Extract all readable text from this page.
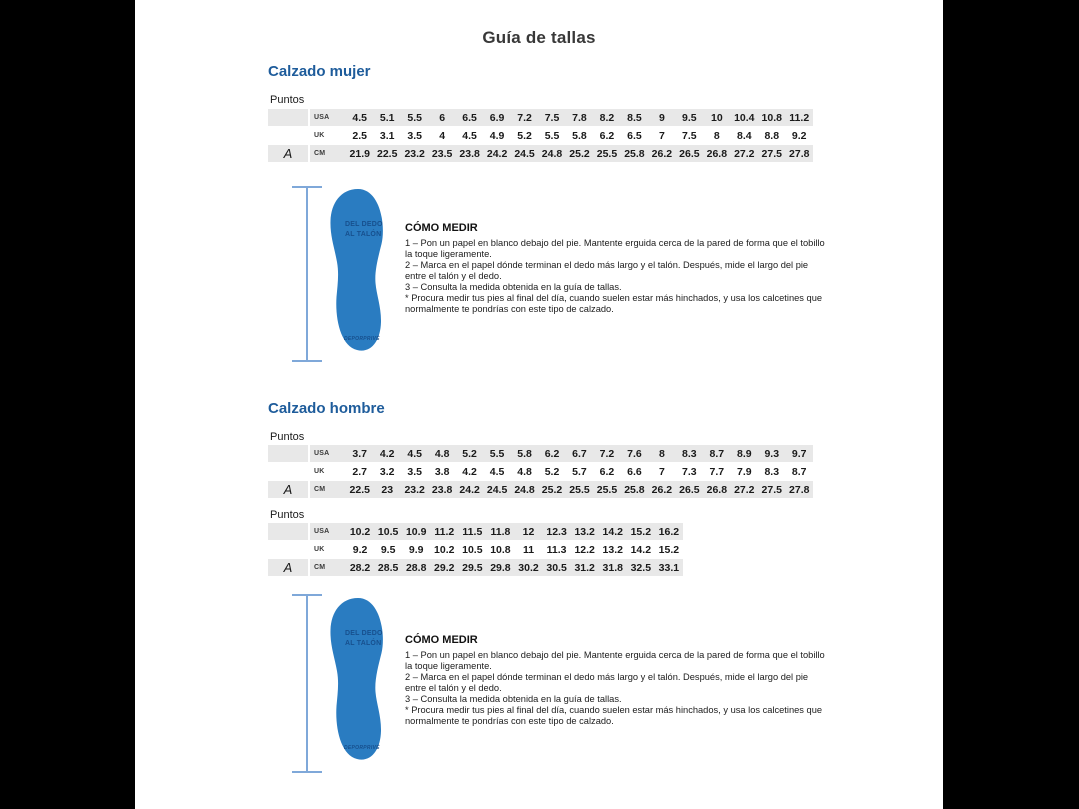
Guía de tallas
Calzado mujer
Puntos
USA	4.5	5.1	5.5	6	6.5	6.9	7.2	7.5	7.8	8.2	8.5	9	9.5	10	10.4 10.8 11.2
UK	2.5	3.1	3.5	4	4.5	4.9	5.2	5.5	5.8	6.2	6.5	7	7.5	8	8.4	8.8	9.2
A	CM	21.9 22.5 23.2 23.5 23.8 24.2 24.5 24.8 25.2 25.5 25.8 26.2 26.5 26.8 27.2 27.5 27.8
DEL DEDO
AL TALÓN
DEPORPRIVÉ
CÓMO MEDIR
1 – Pon un papel en blanco debajo del pie. Mantente erguida cerca de la pared de forma que el tobillo la toque ligeramente.
2 – Marca en el papel dónde terminan el dedo más largo y el talón. Después, mide el largo del pie entre el talón y el dedo.
3 – Consulta la medida obtenida en la guía de tallas.
* Procura medir tus pies al final del día, cuando suelen estar más hinchados, y usa los calcetines que normalmente te pondrías con este tipo de calzado.
Calzado hombre
Puntos
USA	3.7	4.2	4.5	4.8	5.2	5.5	5.8	6.2	6.7	7.2	7.6	8	8.3	8.7	8.9	9.3	9.7
UK	2.7	3.2	3.5	3.8	4.2	4.5	4.8	5.2	5.7	6.2	6.6	7	7.3	7.7	7.9	8.3	8.7
A	CM	22.5	23	23.2 23.8 24.2 24.5 24.8 25.2 25.5 25.5 25.8 26.2 26.5 26.8 27.2 27.5 27.8
Puntos
USA	10.2 10.5 10.9 11.2 11.5 11.8	12	12.3 13.2 14.2 15.2 16.2
UK	9.2	9.5	9.9	10.2 10.5 10.8	11	11.3 12.2 13.2 14.2 15.2
A	CM	28.2 28.5 28.8 29.2 29.5 29.8 30.2 30.5 31.2 31.8 32.5 33.1
DEL DEDO
AL TALÓN
DEPORPRIVÉ
CÓMO MEDIR
1 – Pon un papel en blanco debajo del pie. Mantente erguida cerca de la pared de forma que el tobillo la toque ligeramente.
2 – Marca en el papel dónde terminan el dedo más largo y el talón. Después, mide el largo del pie entre el talón y el dedo.
3 – Consulta la medida obtenida en la guía de tallas.
* Procura medir tus pies al final del día, cuando suelen estar más hinchados, y usa los calcetines que normalmente te pondrías con este tipo de calzado.
